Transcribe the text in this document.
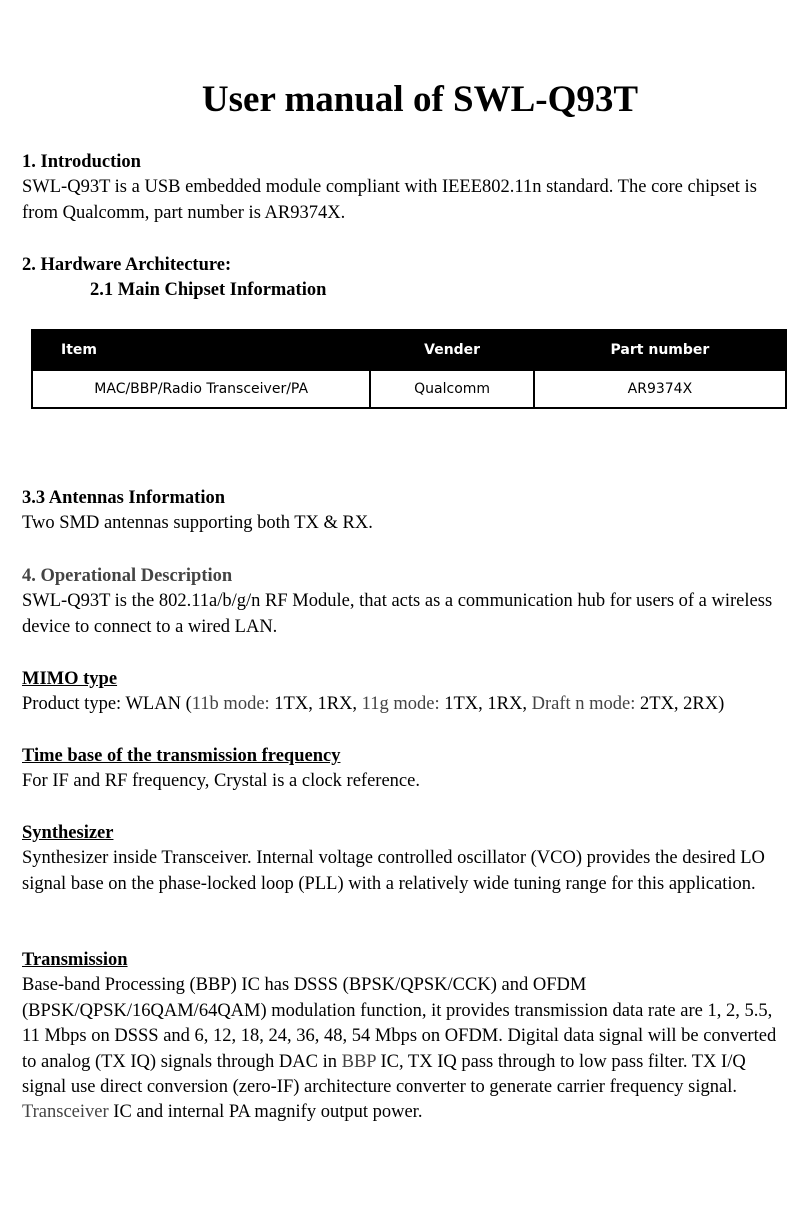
User manual of SWL-Q93T
1. Introduction
SWL-Q93T is a USB embedded module compliant with IEEE802.11n standard. The core chipset is from Qualcomm, part number is AR9374X.
2. Hardware Architecture:
2.1 Main Chipset Information
Item	Vender	Part number
MAC/BBP/Radio Transceiver/PA	Qualcomm	AR9374X
3.3 Antennas Information
Two SMD antennas supporting both TX & RX.
4. Operational Description
SWL-Q93T is the 802.11a/b/g/n RF Module, that acts as a communication hub for users of a wireless device to connect to a wired LAN.
MIMO type
Product type: WLAN (11b mode: 1TX, 1RX, 11g mode: 1TX, 1RX, Draft n mode: 2TX, 2RX)
Time base of the transmission frequency
For IF and RF frequency, Crystal is a clock reference.
Synthesizer
Synthesizer inside Transceiver. Internal voltage controlled oscillator (VCO) provides the desired LO signal base on the phase-locked loop (PLL) with a relatively wide tuning range for this application.
Transmission
Base-band Processing (BBP) IC has DSSS (BPSK/QPSK/CCK) and OFDM (BPSK/QPSK/16QAM/64QAM) modulation function, it provides transmission data rate are 1, 2, 5.5, 11 Mbps on DSSS and 6, 12, 18, 24, 36, 48, 54 Mbps on OFDM. Digital data signal will be converted to analog (TX IQ) signals through DAC in BBP IC, TX IQ pass through to low pass filter. TX I/Q signal use direct conversion (zero-IF) architecture converter to generate carrier frequency signal. Transceiver IC and internal PA magnify output power.
